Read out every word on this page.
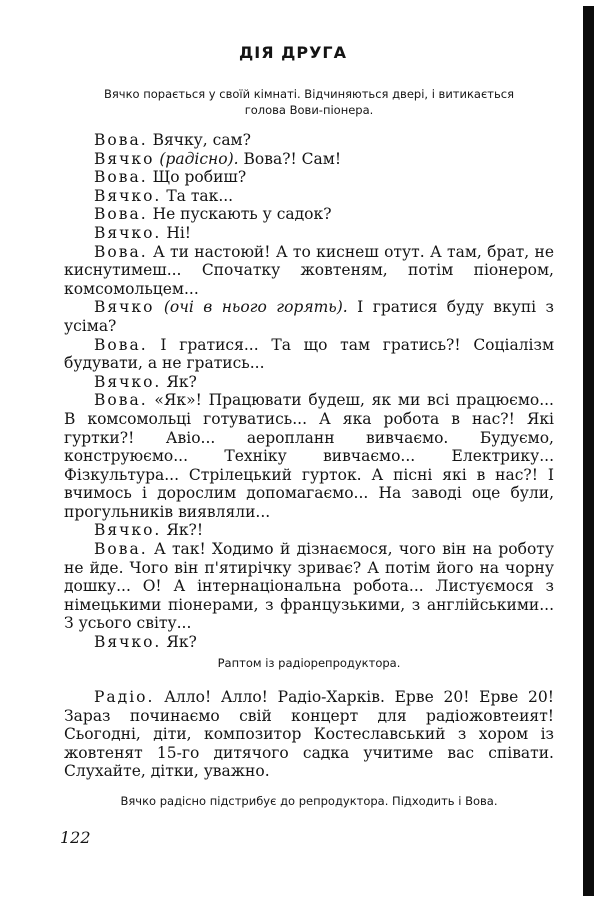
ДІЯ ДРУГА
Вячко порається у своїй кімнаті. Відчиняються двері, і витикається
голова Вови-піонера.

Вова. Вячку, сам?

Вячко (радісно). Вова?! Сам!

Вова. Що робиш?

Вячко. Та так...

Вова. Не пускають у садок?

Вячко. Ні!

Вова. А ти настоюй! А то киснеш отут. А там, брат, не киснутимеш... Спочатку жовтеням, потім піонером, комсомольцем...

Вячко (очі в нього горять). І гратися буду вкупі з усіма?

Вова. І гратися... Та що там гратись?! Соціалізм будувати, а не гратись...

Вячко. Як?

Вова. «Як»! Працювати будеш, як ми всі працюємо... В комсомольці готуватись... А яка робота в нас?! Які гуртки?! Авіо... аеропланн вивчаємо. Будуємо, конструюємо... Техніку вивчаємо... Електрику... Фізкультура... Стрілецький гурток. А пісні які в нас?! І вчимось і дорослим допомагаємо... На заводі оце були, прогульників виявляли...

Вячко. Як?!

Вова. А так! Ходимо й дізнаємося, чого він на роботу не йде. Чого він п'ятирічку зриває? А потім його на чорну дошку... О! А інтернаціональна робота... Листуємося з німецькими піонерами, з французькими, з англійськими... З усього світу...

Вячко. Як?

Раптом із радіорепродуктора.

Радіо. Алло! Алло! Радіо-Харків. Ерве 20! Ерве 20! Зараз починаємо свій концерт для радіожовтеият! Сьогодні, діти, композитор Костеславський з хором із жовтенят 15-го дитячого садка учитиме вас співати. Слухайте, дітки, уважно.

Вячко радісно підстрибує до репродуктора. Підходить і Вова.
122
